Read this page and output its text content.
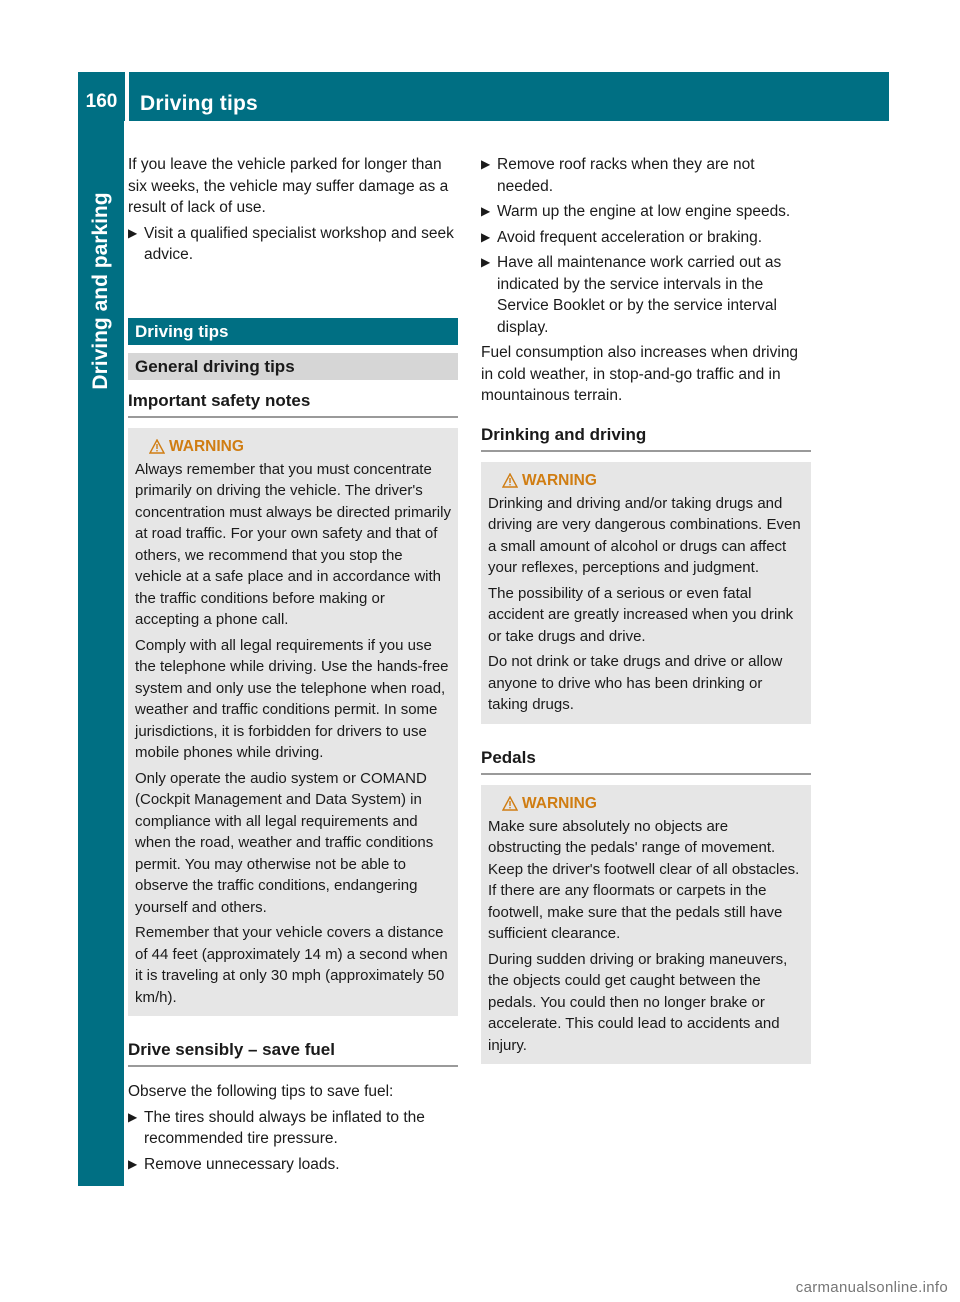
160	Driving tips
Driving and parking

If you leave the vehicle parked for longer than six weeks, the vehicle may suffer damage as a result of lack of use.

▶ Visit a qualified specialist workshop and seek advice.
Driving tips
General driving tips
Important safety notes
WARNING

Always remember that you must concentrate primarily on driving the vehicle. The driver's concentration must always be directed primarily at road traffic. For your own safety and that of others, we recommend that you stop the vehicle at a safe place and in accordance with the traffic conditions before making or accepting a phone call.

Comply with all legal requirements if you use the telephone while driving. Use the hands-free system and only use the telephone when road, weather and traffic conditions permit. In some jurisdictions, it is forbidden for drivers to use mobile phones while driving.

Only operate the audio system or COMAND (Cockpit Management and Data System) in compliance with all legal requirements and when the road, weather and traffic conditions permit. You may otherwise not be able to observe the traffic conditions, endangering yourself and others.

Remember that your vehicle covers a distance of 44 feet (approximately 14 m) a second when it is traveling at only 30 mph (approximately 50 km/h).

Drive sensibly – save fuel

Observe the following tips to save fuel:

▶ The tires should always be inflated to the recommended tire pressure.
▶ Remove unnecessary loads.
▶ Remove roof racks when they are not needed.
▶ Warm up the engine at low engine speeds.
▶ Avoid frequent acceleration or braking.
▶ Have all maintenance work carried out as indicated by the service intervals in the Service Booklet or by the service interval display.

Fuel consumption also increases when driving in cold weather, in stop-and-go traffic and in mountainous terrain.

Drinking and driving
WARNING

Drinking and driving and/or taking drugs and driving are very dangerous combinations. Even a small amount of alcohol or drugs can affect your reflexes, perceptions and judgment.

The possibility of a serious or even fatal accident are greatly increased when you drink or take drugs and drive.

Do not drink or take drugs and drive or allow anyone to drive who has been drinking or taking drugs.

Pedals
WARNING

Make sure absolutely no objects are obstructing the pedals' range of movement. Keep the driver's footwell clear of all obstacles. If there are any floormats or carpets in the footwell, make sure that the pedals still have sufficient clearance.

During sudden driving or braking maneuvers, the objects could get caught between the pedals. You could then no longer brake or accelerate. This could lead to accidents and injury.

carmanualsonline.info
